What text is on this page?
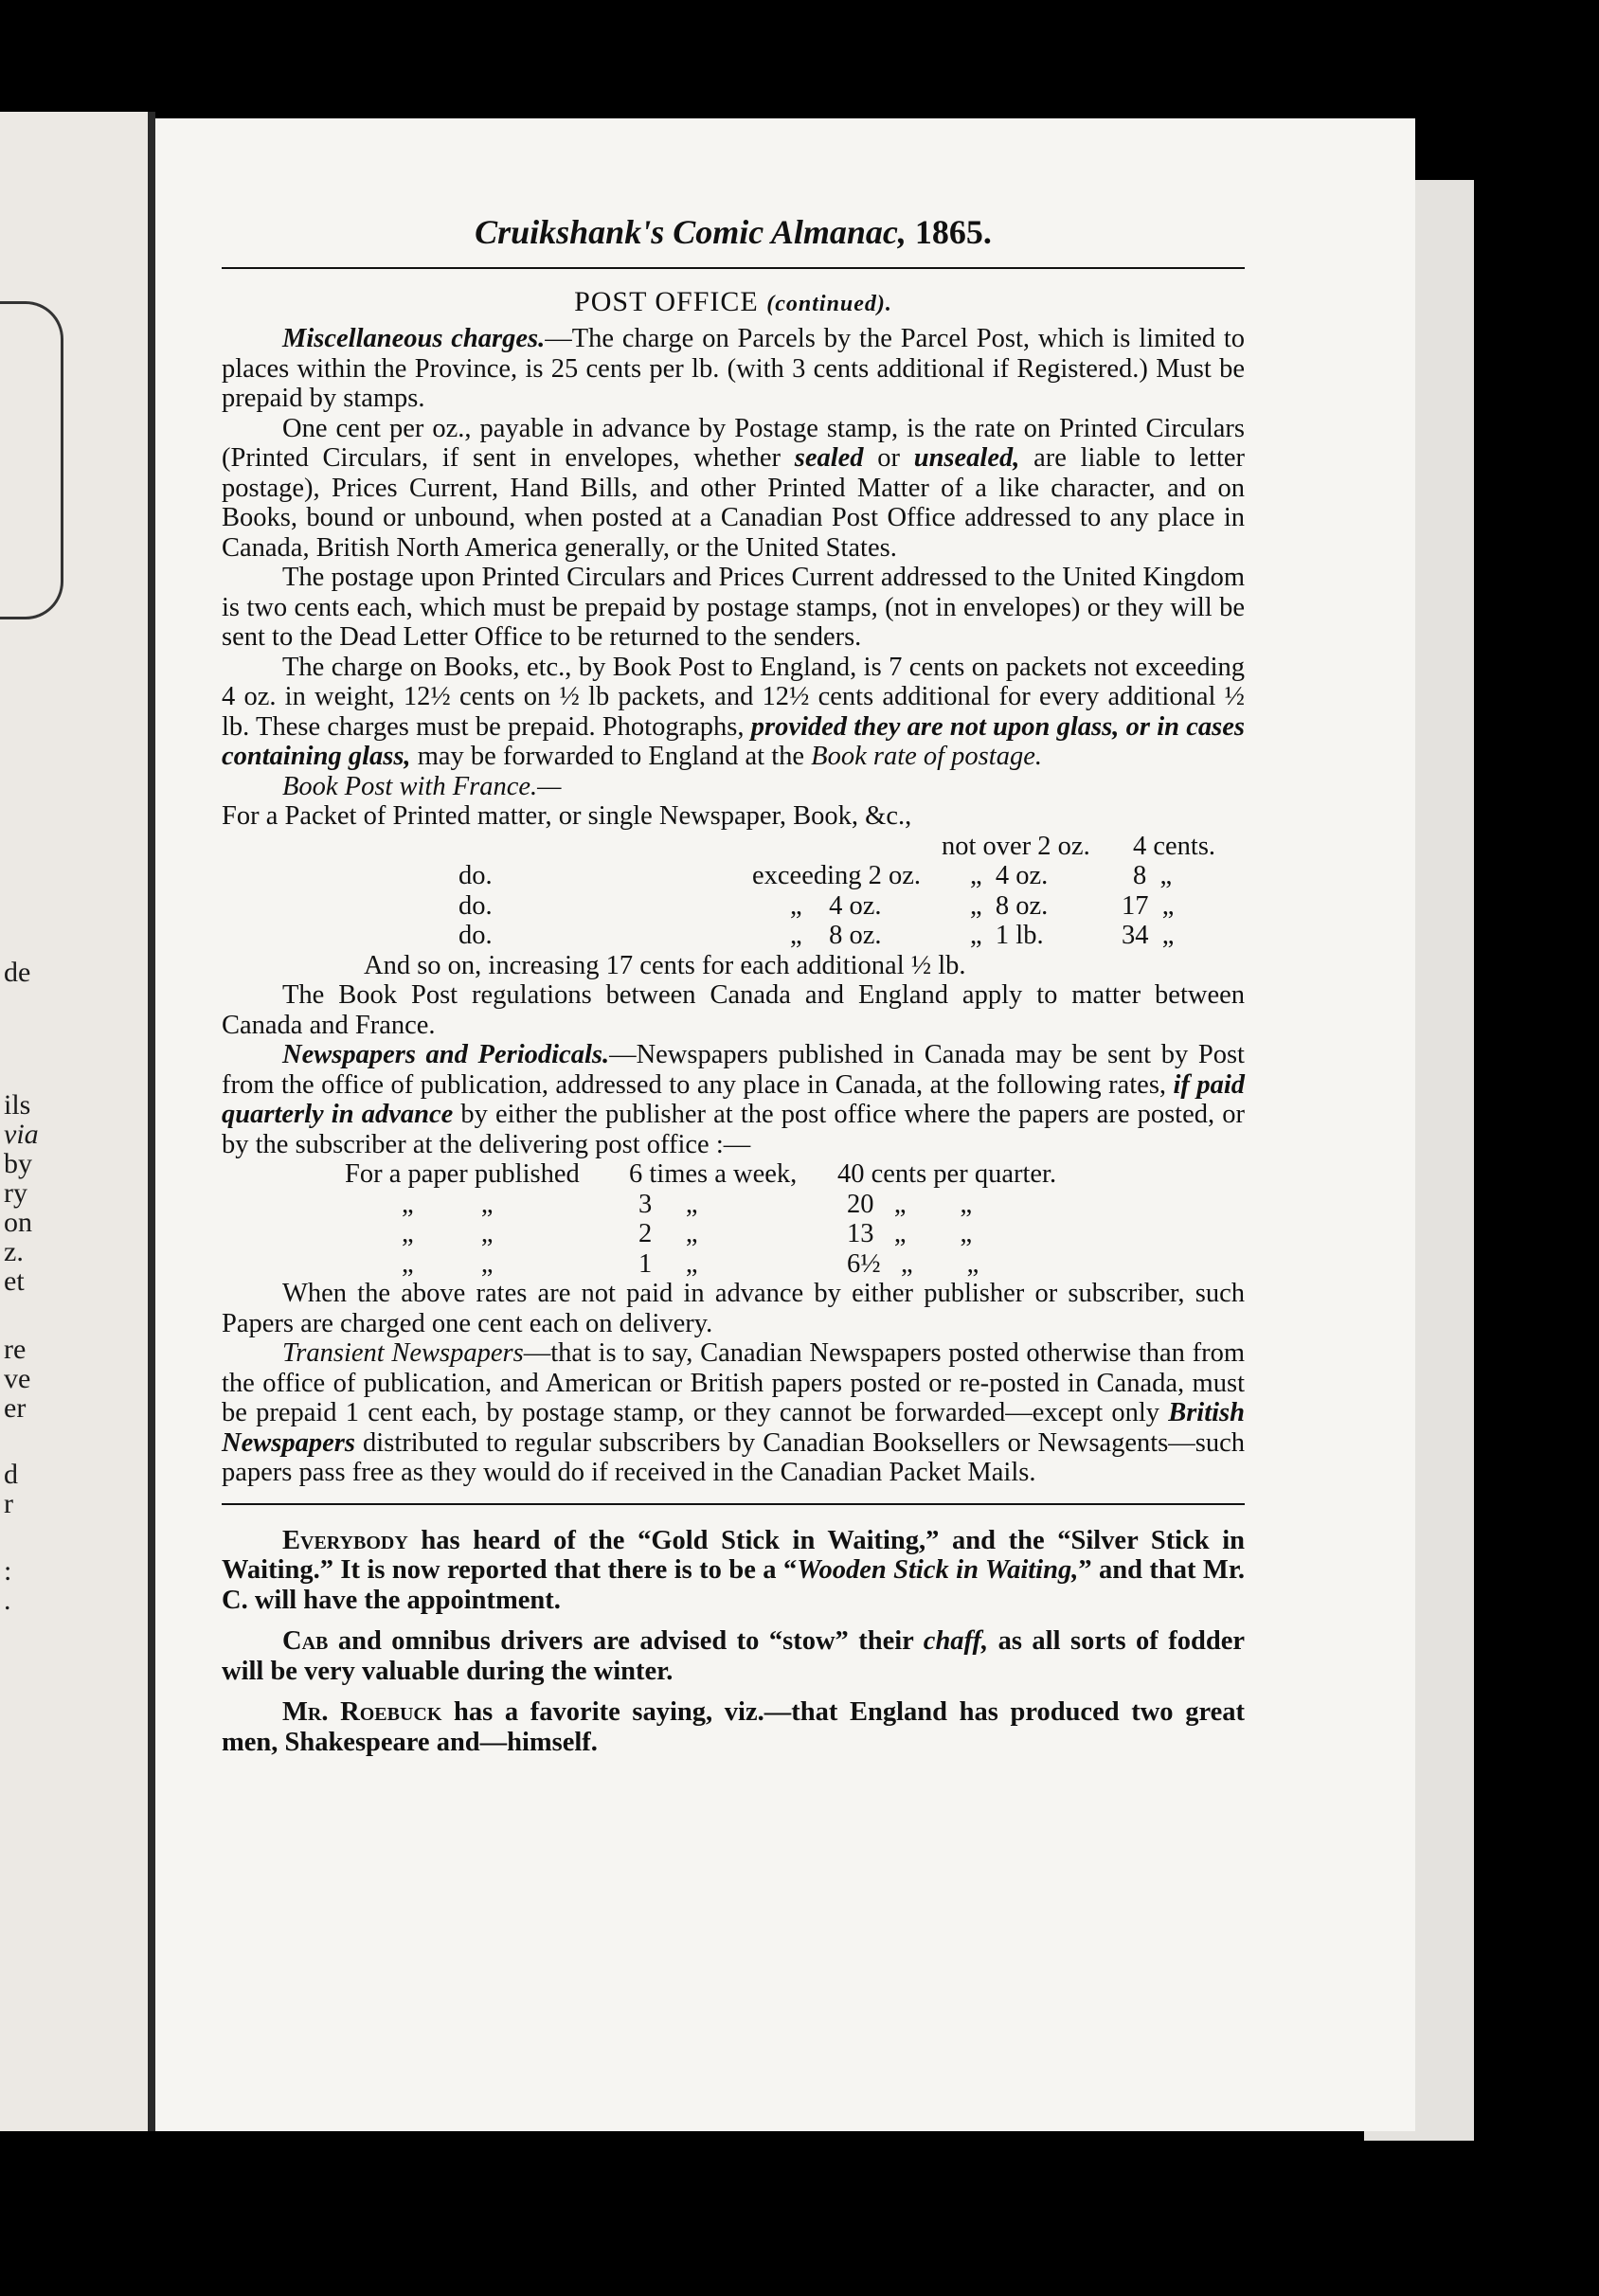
de
ils
via
by
ry
on
z.
et
re
ve
er
d
r
:
.
Cruikshank's Comic Almanac, 1865.
POST OFFICE (continued).

Miscellaneous charges.—The charge on Parcels by the Parcel Post, which is limited to places within the Province, is 25 cents per lb. (with 3 cents additional if Registered.) Must be prepaid by stamps.

One cent per oz., payable in advance by Postage stamp, is the rate on Printed Circulars (Printed Circulars, if sent in envelopes, whether sealed or unsealed, are liable to letter postage), Prices Current, Hand Bills, and other Printed Matter of a like character, and on Books, bound or unbound, when posted at a Canadian Post Office addressed to any place in Canada, British North America generally, or the United States.

The postage upon Printed Circulars and Prices Current addressed to the United Kingdom is two cents each, which must be prepaid by postage stamps, (not in envelopes) or they will be sent to the Dead Letter Office to be returned to the senders.

The charge on Books, etc., by Book Post to England, is 7 cents on packets not exceeding 4 oz. in weight, 12½ cents on ½ lb packets, and 12½ cents additional for every additional ½ lb. These charges must be prepaid. Photographs, provided they are not upon glass, or in cases containing glass, may be forwarded to England at the Book rate of postage.

Book Post with France.—

For a Packet of Printed matter, or single Newspaper, Book, &c.,

not over 2 oz. 4 cents.
do.	exceeding 2 oz. „  4 oz.	8  „
do.	„    4 oz.	„  8 oz.	17  „
do.	„    8 oz.	„  1 lb.	34  „

And so on, increasing 17 cents for each additional ½ lb.

The Book Post regulations between Canada and England apply to matter between Canada and France.

Newspapers and Periodicals.—Newspapers published in Canada may be sent by Post from the office of publication, addressed to any place in Canada, at the following rates, if paid quarterly in advance by either the publisher at the post office where the papers are posted, or by the subscriber at the delivering post office :—

For a paper published 6 times a week, 40 cents per quarter.
„          „	3     „	20   „        „
„          „	2     „	13   „        „
„          „	1     „	6½   „        „

When the above rates are not paid in advance by either publisher or subscriber, such Papers are charged one cent each on delivery.

Transient Newspapers—that is to say, Canadian Newspapers posted otherwise than from the office of publication, and American or British papers posted or re-posted in Canada, must be prepaid 1 cent each, by postage stamp, or they cannot be forwarded—except only British Newspapers distributed to regular subscribers by Canadian Booksellers or Newsagents—such papers pass free as they would do if received in the Canadian Packet Mails.

Everybody has heard of the “Gold Stick in Waiting,” and the “Silver Stick in Waiting.” It is now reported that there is to be a “Wooden Stick in Waiting,” and that Mr. C. will have the appointment.

Cab and omnibus drivers are advised to “stow” their chaff, as all sorts of fodder will be very valuable during the winter.

Mr. Roebuck has a favorite saying, viz.—that England has produced two great men, Shakespeare and—himself.
